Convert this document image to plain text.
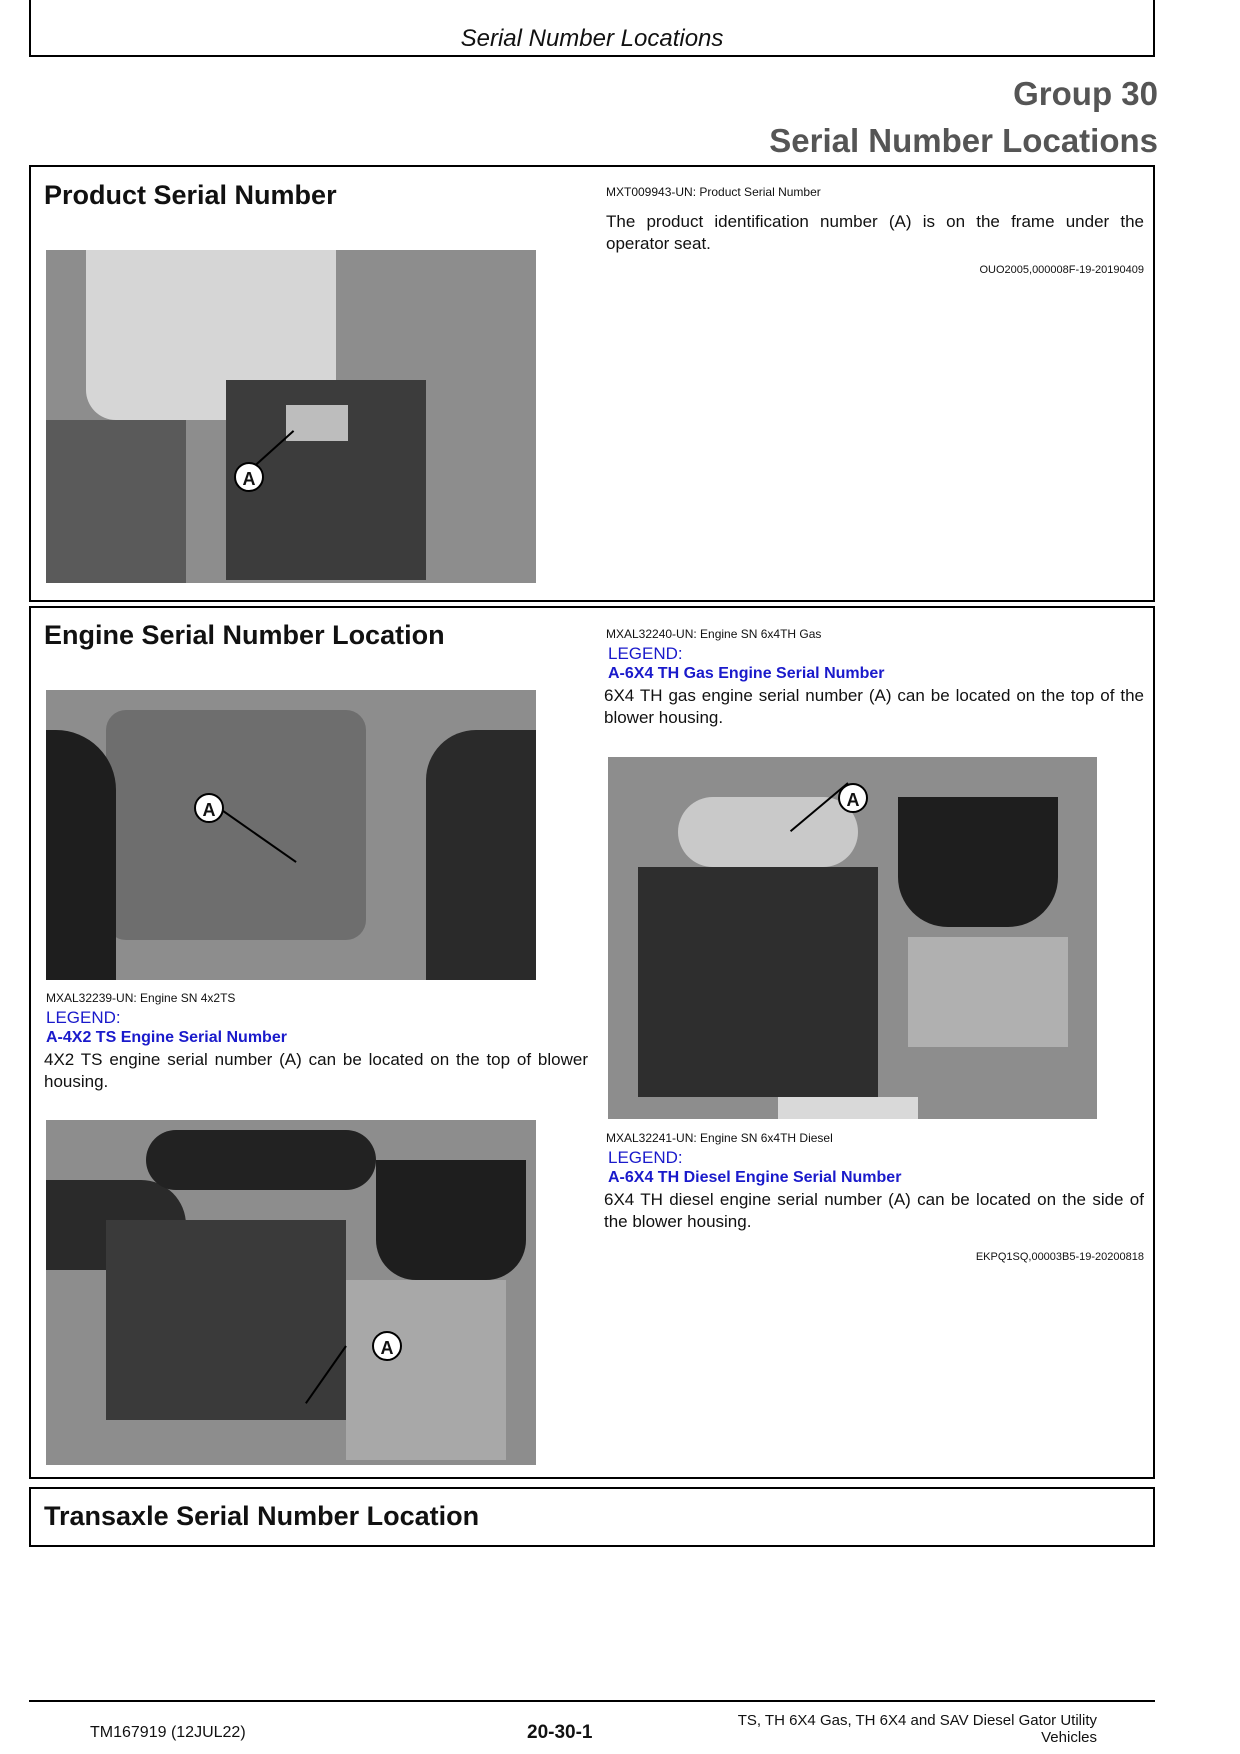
Serial Number Locations
Group 30
Serial Number Locations
Product Serial Number
A
MXT009943-UN: Product Serial Number
The product identification number (A) is on the frame under the operator seat.
OUO2005,000008F-19-20190409
Engine Serial Number Location
A
MXAL32239-UN: Engine SN 4x2TS
LEGEND:
A-4X2 TS Engine Serial Number
4X2 TS engine serial number (A) can be located on the top of blower housing.
A
MXAL32240-UN: Engine SN 6x4TH Gas
LEGEND:
A-6X4 TH Gas Engine Serial Number
6X4 TH gas engine serial number (A) can be located on the top of the blower housing.
A
MXAL32241-UN: Engine SN 6x4TH Diesel
LEGEND:
A-6X4 TH Diesel Engine Serial Number
6X4 TH diesel engine serial number (A) can be located on the side of the blower housing.
EKPQ1SQ,00003B5-19-20200818
Transaxle Serial Number Location
TM167919 (12JUL22)	20-30-1
TS, TH 6X4 Gas, TH 6X4 and SAV Diesel Gator Utility
Vehicles
